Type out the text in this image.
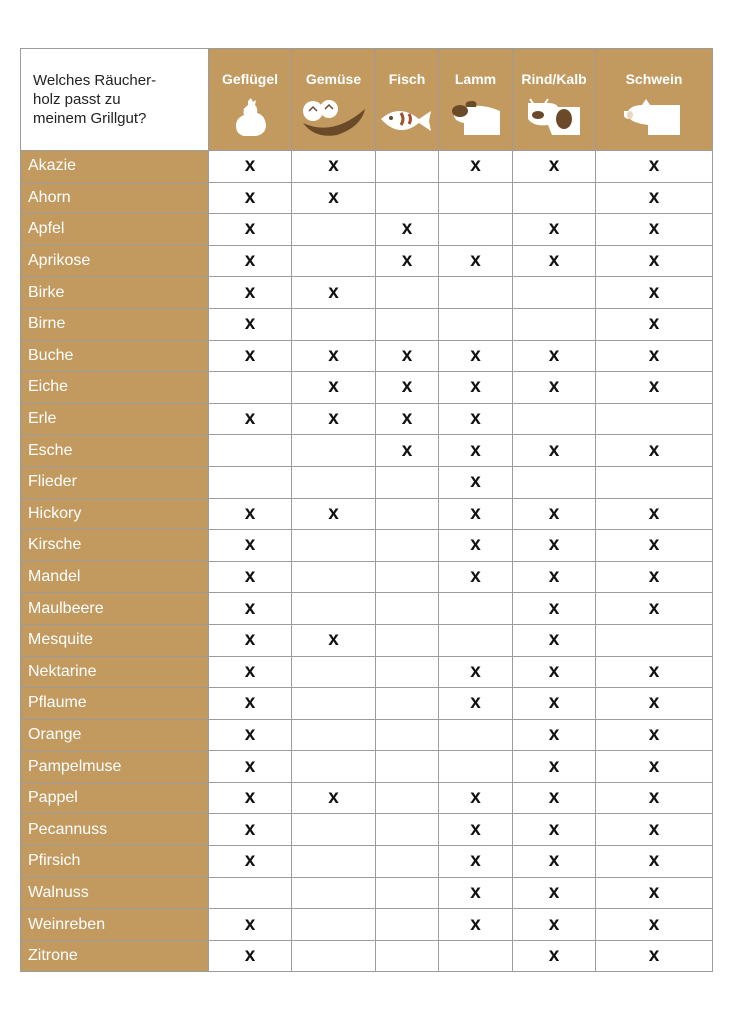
Welches Räucher-
holz passt zu
meinem Grillgut?	Geflügel	Gemüse	Fisch	Lamm	Rind/Kalb	Schwein

Akazie	x	x		x	x	x
Ahorn	x	x				x
Apfel	x		x		x	x
Aprikose	x		x	x	x	x
Birke	x	x				x
Birne	x					x
Buche	x	x	x	x	x	x
Eiche		x	x	x	x	x
Erle	x	x	x	x		
Esche			x	x	x	x
Flieder				x		
Hickory	x	x		x	x	x
Kirsche	x			x	x	x
Mandel	x			x	x	x
Maulbeere	x				x	x
Mesquite	x	x			x	
Nektarine	x			x	x	x
Pflaume	x			x	x	x
Orange	x				x	x
Pampelmuse	x				x	x
Pappel	x	x		x	x	x
Pecannuss	x			x	x	x
Pfirsich	x			x	x	x
Walnuss				x	x	x
Weinreben	x			x	x	x
Zitrone	x				x	x
